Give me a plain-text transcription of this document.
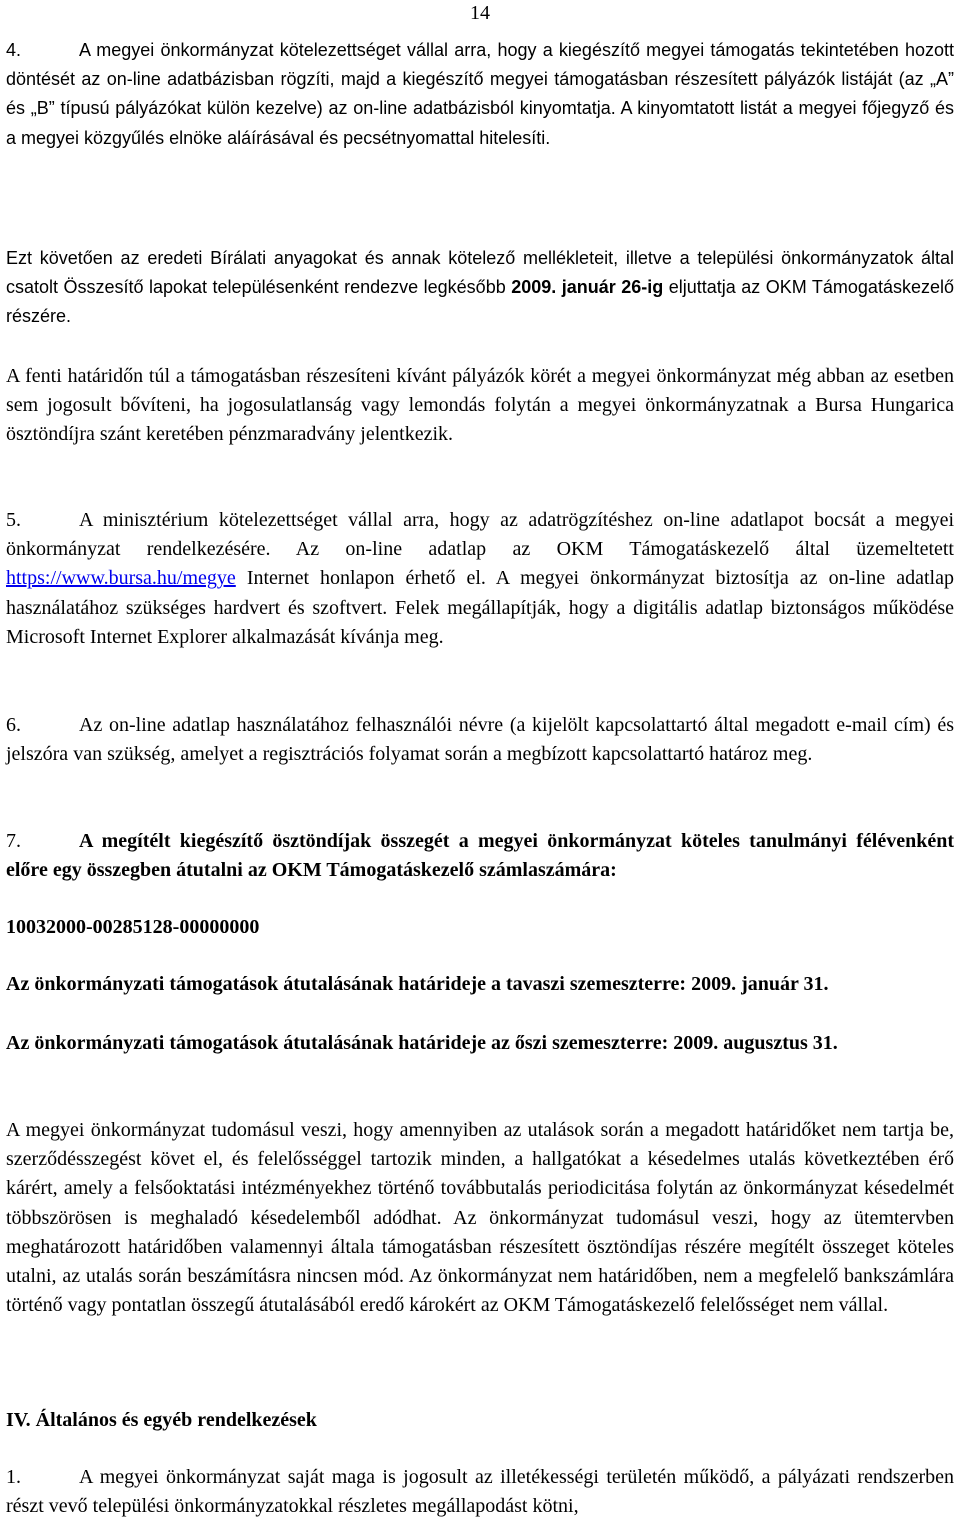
14

4.	A megyei önkormányzat kötelezettséget vállal arra, hogy a kiegészítő megyei támogatás tekintetében hozott döntését az on-line adatbázisban rögzíti, majd a kiegészítő megyei támogatásban részesített pályázók listáját (az „A” és „B” típusú pályázókat külön kezelve) az on-line adatbázisból kinyomtatja. A kinyomtatott listát a megyei főjegyző és a megyei közgyűlés elnöke aláírásával és pecsétnyomattal hitelesíti.

Ezt követően az eredeti Bírálati anyagokat és annak kötelező mellékleteit, illetve a települési önkormányzatok által csatolt Összesítő lapokat településenként rendezve legkésőbb 2009. január 26-ig eljuttatja az OKM Támogatáskezelő részére.

A fenti határidőn túl a támogatásban részesíteni kívánt pályázók körét a megyei önkormányzat még abban az esetben sem jogosult bővíteni, ha jogosulatlanság vagy lemondás folytán a megyei önkormányzatnak a Bursa Hungarica ösztöndíjra szánt keretében pénzmaradvány jelentkezik.

5.	A minisztérium kötelezettséget vállal arra, hogy az adatrögzítéshez on-line adatlapot bocsát a megyei önkormányzat rendelkezésére. Az on-line adatlap az OKM Támogatáskezelő által üzemeltetett https://www.bursa.hu/megye Internet honlapon érhető el. A megyei önkormányzat biztosítja az on-line adatlap használatához szükséges hardvert és szoftvert. Felek megállapítják, hogy a digitális adatlap biztonságos működése Microsoft Internet Explorer alkalmazását kívánja meg.

6.	Az on-line adatlap használatához felhasználói névre (a kijelölt kapcsolattartó által megadott e-mail cím) és jelszóra van szükség, amelyet a regisztrációs folyamat során a megbízott kapcsolattartó határoz meg.

7.	A megítélt kiegészítő ösztöndíjak összegét a megyei önkormányzat köteles tanulmányi félévenként előre egy összegben átutalni az OKM Támogatáskezelő számlaszámára:

10032000-00285128-00000000

Az önkormányzati támogatások átutalásának határideje a tavaszi szemeszterre: 2009. január 31.

Az önkormányzati támogatások átutalásának határideje az őszi szemeszterre: 2009. augusztus 31.

A megyei önkormányzat tudomásul veszi, hogy amennyiben az utalások során a megadott határidőket nem tartja be, szerződésszegést követ el, és felelősséggel tartozik minden, a hallgatókat a késedelmes utalás következtében érő kárért, amely a felsőoktatási intézményekhez történő továbbutalás periodicitása folytán az önkormányzat késedelmét többszörösen is meghaladó késedelemből adódhat. Az önkormányzat tudomásul veszi, hogy az ütemtervben meghatározott határidőben valamennyi általa támogatásban részesített ösztöndíjas részére megítélt összeget köteles utalni, az utalás során beszámításra nincsen mód. Az önkormányzat nem határidőben, nem a megfelelő bankszámlára történő vagy pontatlan összegű átutalásából eredő károkért az OKM Támogatáskezelő felelősséget nem vállal.

IV. Általános és egyéb rendelkezések

1.	A megyei önkormányzat saját maga is jogosult az illetékességi területén működő, a pályázati rendszerben részt vevő települési önkormányzatokkal részletes megállapodást kötni,
